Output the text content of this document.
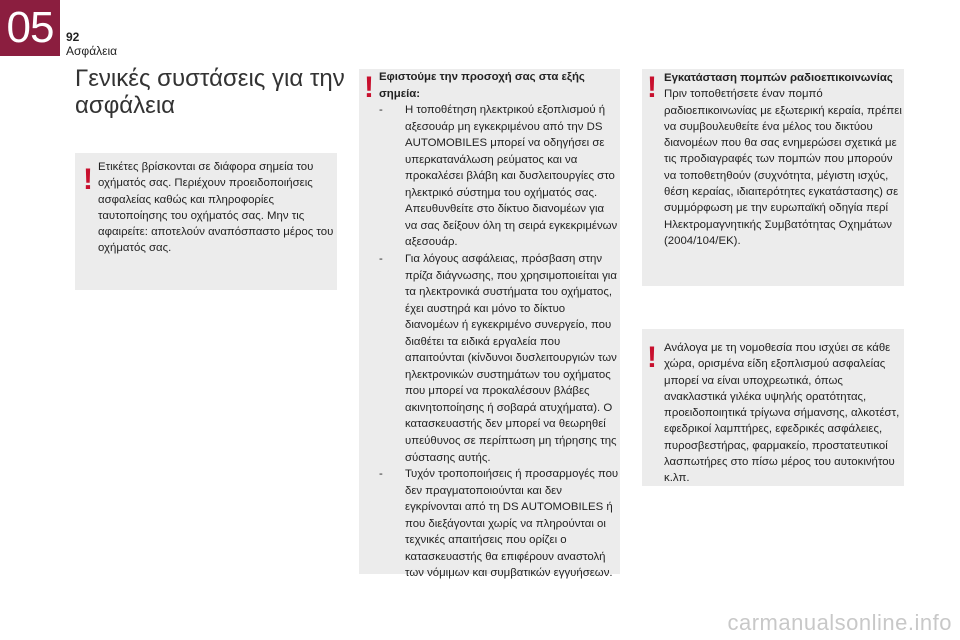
05 92
Ασφάλεια
Γενικές συστάσεις για την ασφάλεια
! Ετικέτες βρίσκονται σε διάφορα σημεία του οχήματός σας. Περιέχουν προειδοποιήσεις ασφαλείας καθώς και πληροφορίες ταυτοποίησης του οχήματός σας. Μην τις αφαιρείτε: αποτελούν αναπόσπαστο μέρος του οχήματός σας.
! Εφιστούμε την προσοχή σας στα εξής σημεία:

- Η τοποθέτηση ηλεκτρικού εξοπλισμού ή αξεσουάρ μη εγκεκριμένου από την DS AUTOMOBILES μπορεί να οδηγήσει σε υπερκατανάλωση ρεύματος και να προκαλέσει βλάβη και δυσλειτουργίες στο ηλεκτρικό σύστημα του οχήματός σας. Απευθυνθείτε στο δίκτυο διανομέων για να σας δείξουν όλη τη σειρά εγκεκριμένων αξεσουάρ.
- Για λόγους ασφάλειας, πρόσβαση στην πρίζα διάγνωσης, που χρησιμοποιείται για τα ηλεκτρονικά συστήματα του οχήματος, έχει αυστηρά και μόνο το δίκτυο διανομέων ή εγκεκριμένο συνεργείο, που διαθέτει τα ειδικά εργαλεία που απαιτούνται (κίνδυνοι δυσλειτουργιών των ηλεκτρονικών συστημάτων του οχήματος που μπορεί να προκαλέσουν βλάβες ακινητοποίησης ή σοβαρά ατυχήματα). Ο κατασκευαστής δεν μπορεί να θεωρηθεί υπεύθυνος σε περίπτωση μη τήρησης της σύστασης αυτής.
- Τυχόν τροποποιήσεις ή προσαρμογές που δεν πραγματοποιούνται και δεν εγκρίνονται από τη DS AUTOMOBILES ή που διεξάγονται χωρίς να πληρούνται οι τεχνικές απαιτήσεις που ορίζει ο κατασκευαστής θα επιφέρουν αναστολή των νόμιμων και συμβατικών εγγυήσεων.
! Εγκατάσταση πομπών ραδιοεπικοινωνίας

Πριν τοποθετήσετε έναν πομπό ραδιοεπικοινωνίας με εξωτερική κεραία, πρέπει να συμβουλευθείτε ένα μέλος του δικτύου διανομέων που θα σας ενημερώσει σχετικά με τις προδιαγραφές των πομπών που μπορούν να τοποθετηθούν (συχνότητα, μέγιστη ισχύς, θέση κεραίας, ιδιαιτερότητες εγκατάστασης) σε συμμόρφωση με την ευρωπαϊκή οδηγία περί Ηλεκτρομαγνητικής Συμβατότητας Οχημάτων (2004/104/ΕΚ).

! Ανάλογα με τη νομοθεσία που ισχύει σε κάθε χώρα, ορισμένα είδη εξοπλισμού ασφαλείας μπορεί να είναι υποχρεωτικά, όπως ανακλαστικά γιλέκα υψηλής ορατότητας, προειδοποιητικά τρίγωνα σήμανσης, αλκοτέστ, εφεδρικοί λαμπτήρες, εφεδρικές ασφάλειες, πυροσβεστήρας, φαρμακείο, προστατευτικοί λασπωτήρες στο πίσω μέρος του αυτοκινήτου κ.λπ.
carmanualsonline.info
